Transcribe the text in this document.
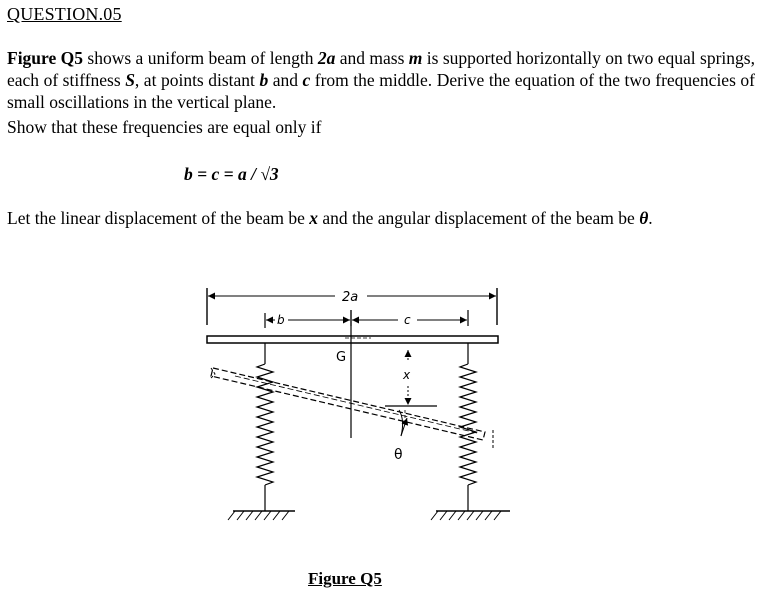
QUESTION.05
Figure Q5 shows a uniform beam of length 2a and mass m is supported horizontally on two equal springs, each of stiffness S, at points distant b and c from the middle. Derive the equation of the two frequencies of small oscillations in the vertical plane.
Show that these frequencies are equal only if
b = c = a / √3
Let the linear displacement of the beam be x and the angular displacement of the beam be θ.
2a
b	c
G
x
θ
Figure Q5
